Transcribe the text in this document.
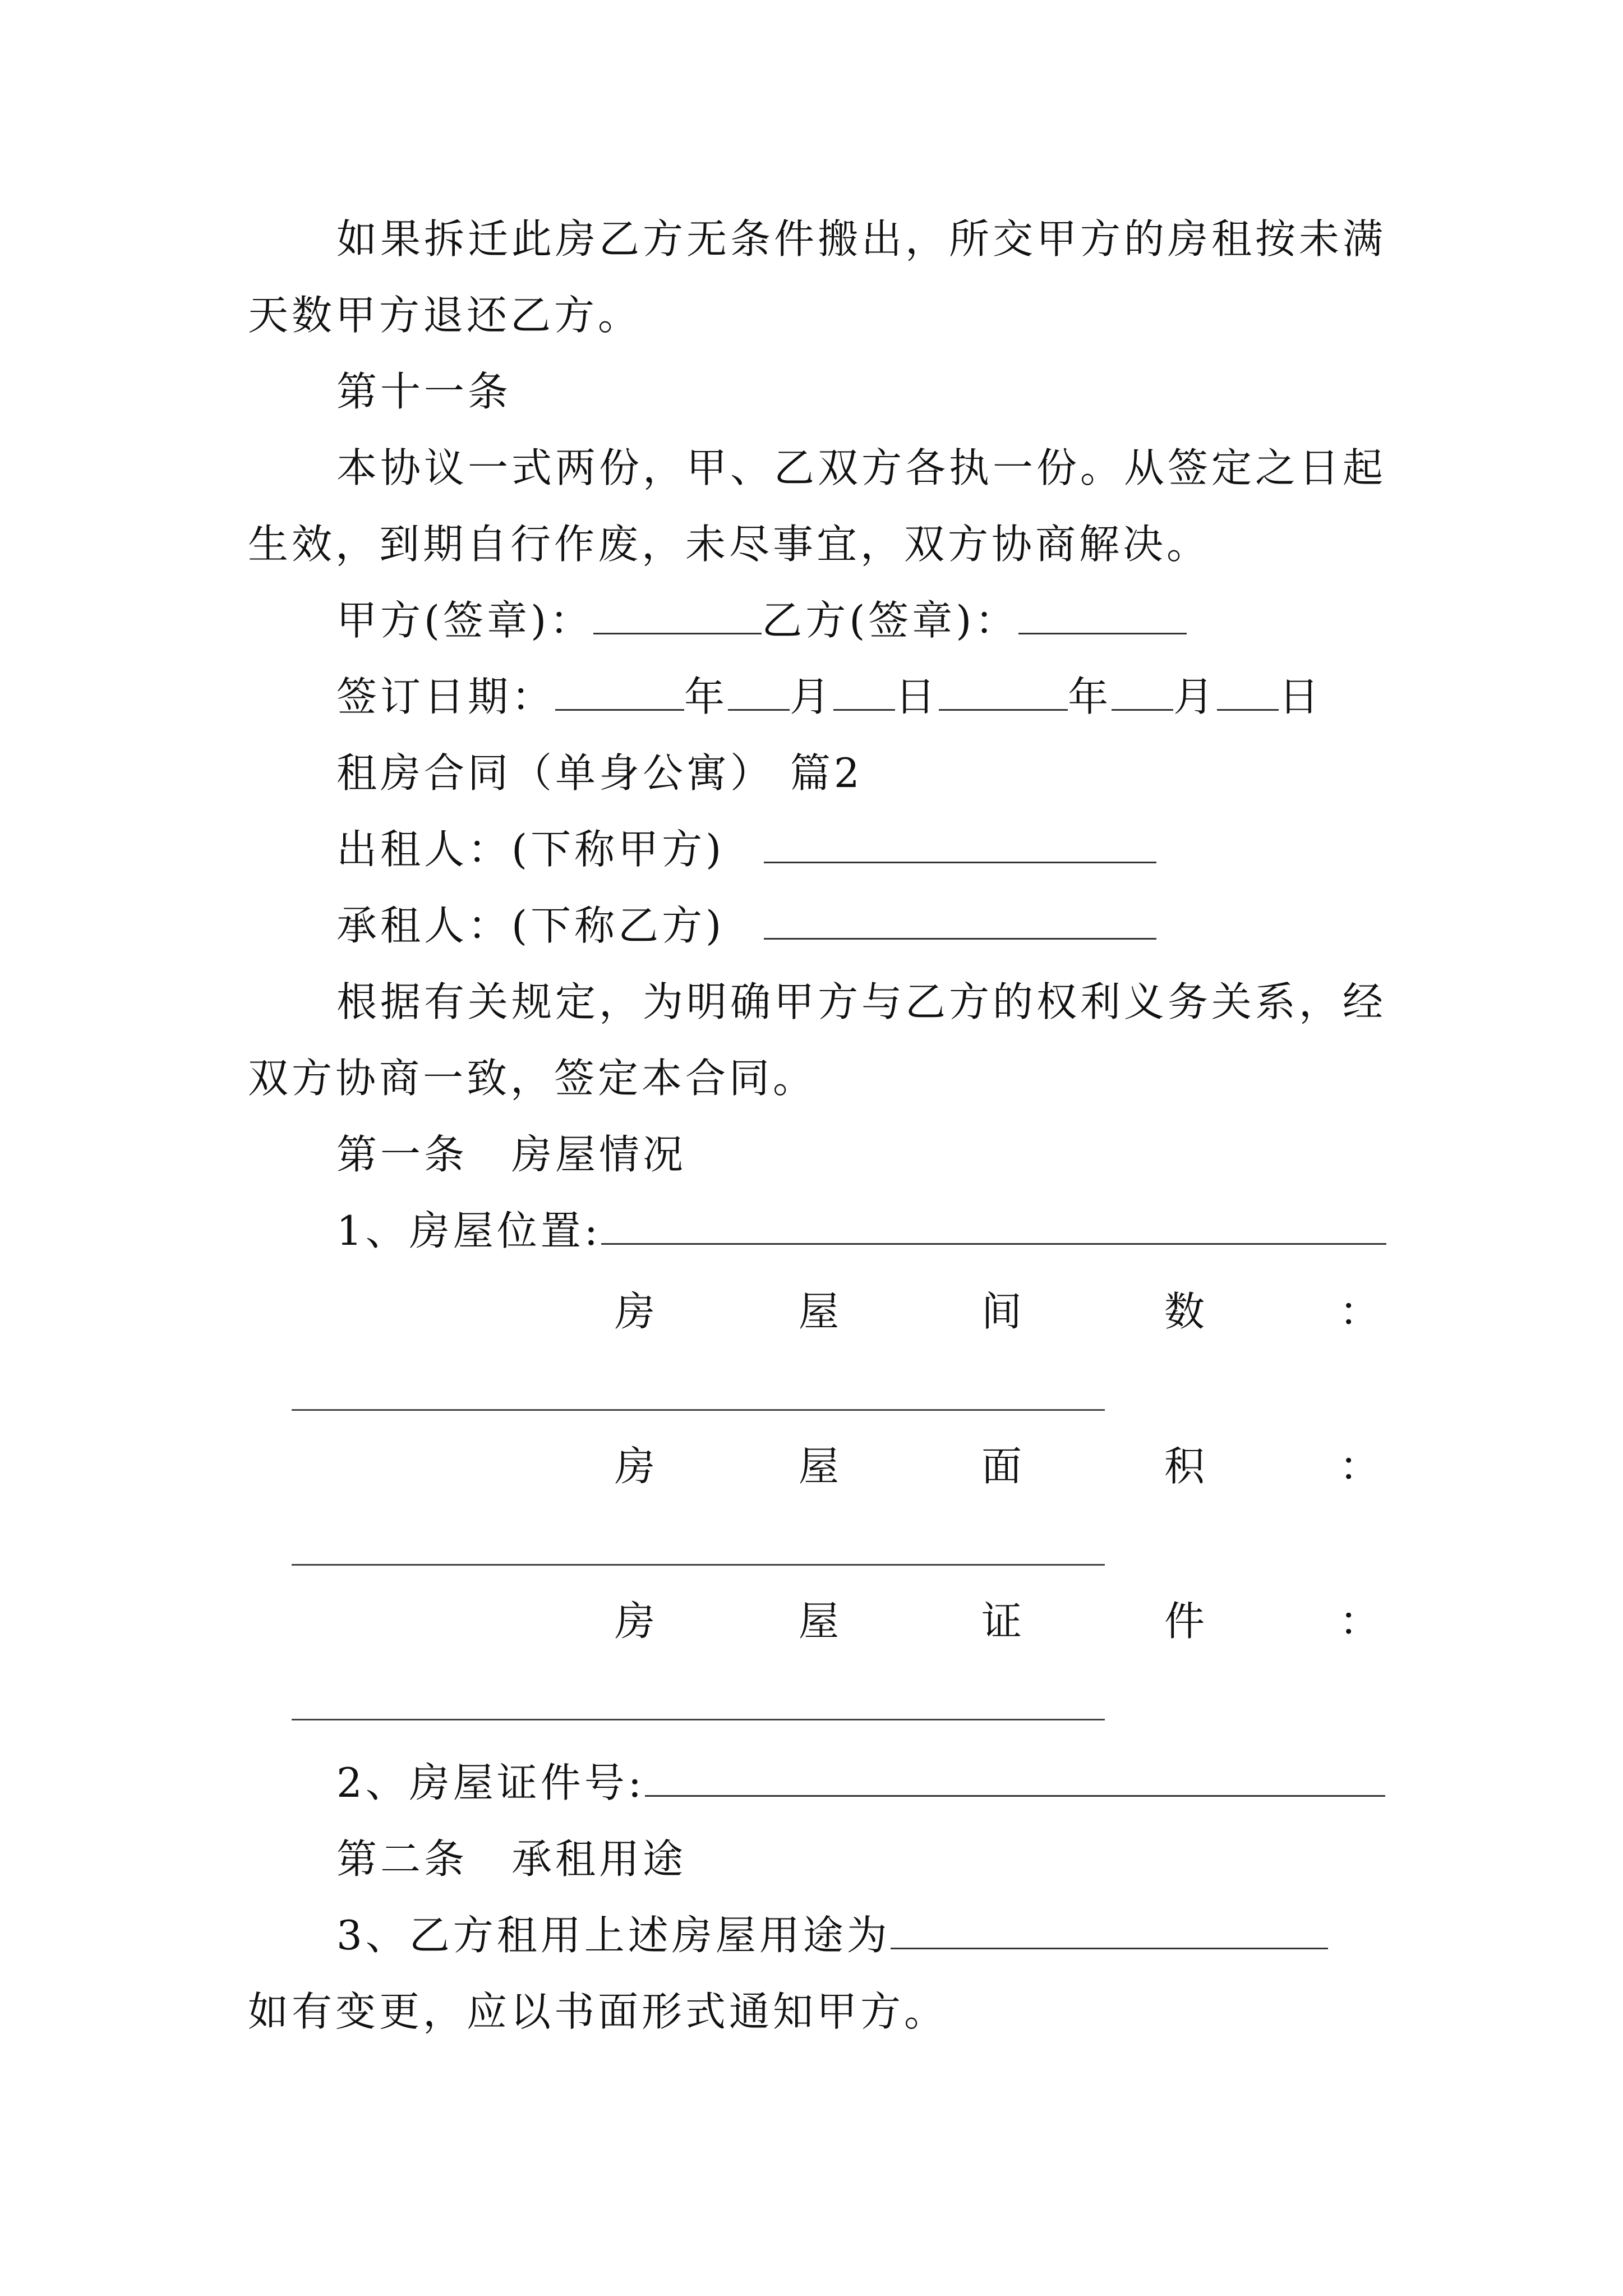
如果拆迁此房乙方无条件搬出，所交甲方的房租按未满

天数甲方退还乙方。

第十一条

本协议一式两份，甲、乙双方各执一份。从签定之日起

生效，到期自行作废，未尽事宜，双方协商解决。

甲方(签章)：	乙方(签章)：

签订日期：	年 月 日	年 月 日

租房合同（单身公寓） 篇2

出租人：(下称甲方)

承租人：(下称乙方)

根据有关规定，为明确甲方与乙方的权利义务关系，经

双方协商一致，签定本合同。

第一条　房屋情况

1、房屋位置:

房	屋	间	数	：
房	屋	面	积	：
房	屋	证	件	：

2、房屋证件号:

第二条　承租用途

3、乙方租用上述房屋用途为

如有变更，应以书面形式通知甲方。
